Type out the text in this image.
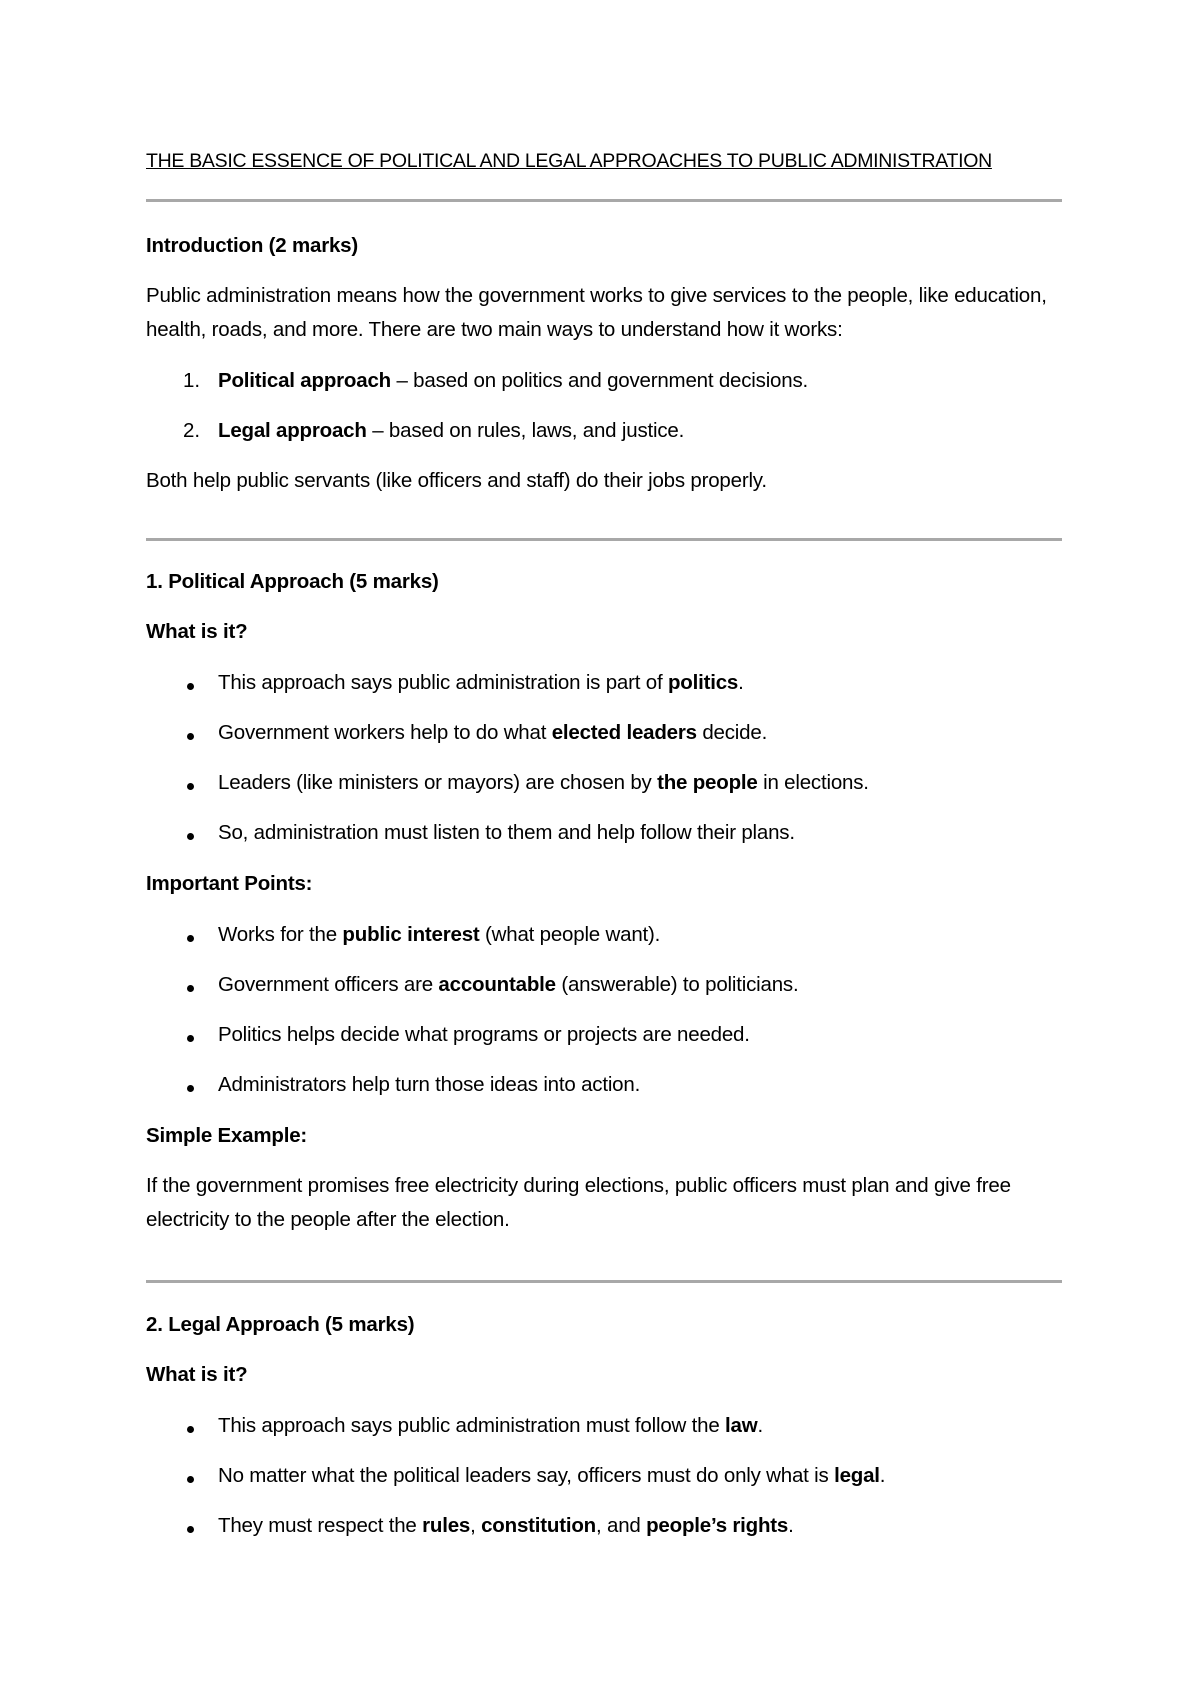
THE BASIC ESSENCE OF POLITICAL AND LEGAL APPROACHES TO PUBLIC ADMINISTRATION
Introduction (2 marks)
Public administration means how the government works to give services to the people, like education, health, roads, and more. There are two main ways to understand how it works:
1. Political approach – based on politics and government decisions.
2. Legal approach – based on rules, laws, and justice.
Both help public servants (like officers and staff) do their jobs properly.
1. Political Approach (5 marks)
What is it?
This approach says public administration is part of politics.
Government workers help to do what elected leaders decide.
Leaders (like ministers or mayors) are chosen by the people in elections.
So, administration must listen to them and help follow their plans.
Important Points:
Works for the public interest (what people want).
Government officers are accountable (answerable) to politicians.
Politics helps decide what programs or projects are needed.
Administrators help turn those ideas into action.
Simple Example:
If the government promises free electricity during elections, public officers must plan and give free electricity to the people after the election.
2. Legal Approach (5 marks)
What is it?
This approach says public administration must follow the law.
No matter what the political leaders say, officers must do only what is legal.
They must respect the rules, constitution, and people’s rights.
